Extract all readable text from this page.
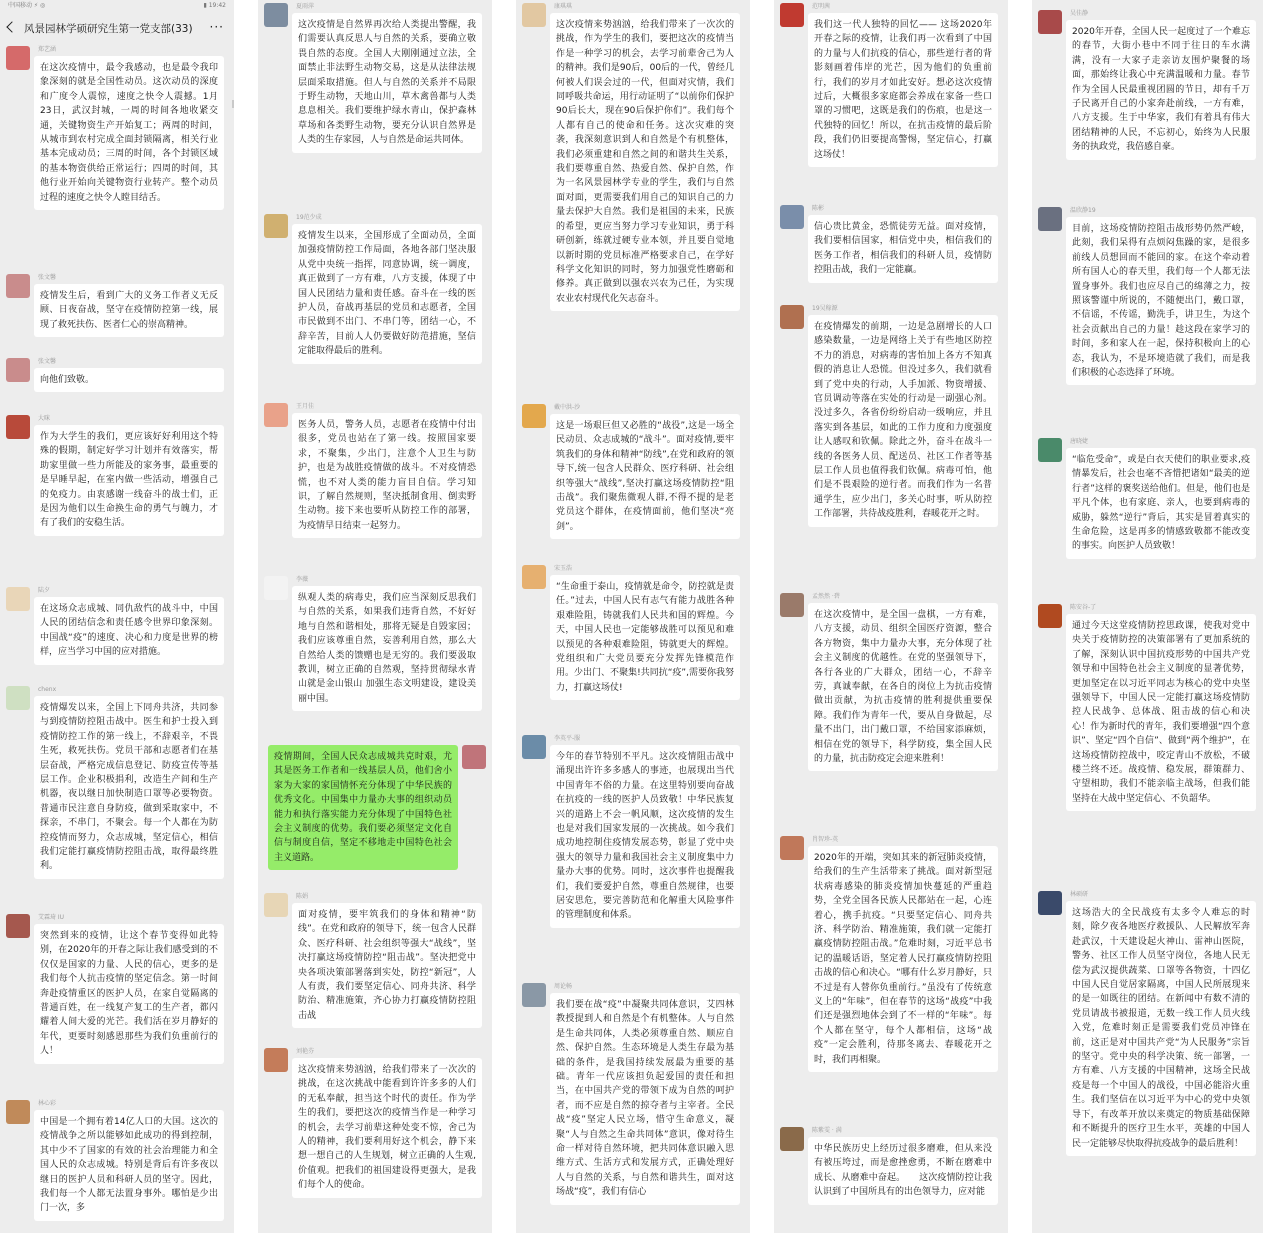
中国移动 ⚡ ◎	▮ 19:42
风景园林学硕研究生第一党支部(33) ···
郑艺涵
在这次疫情中，最令我感动，也是最令我印象深刻的就是全国性动员。这次动员的深度和广度令人震惊，速度之快令人震撼。1月23日，武汉封城，一周的时间各地收紧交通，关键物资生产开始复工；两周的时间，从城市到农村完成全面封锁隔离，相关行业基本完成动员；三周的时间，各个封锁区域的基本物资供给正常运行；四周的时间，其他行业开始向关键物资行业转产。整个动员过程的速度之快令人瞠目结舌。
张文馨
疫情发生后，看到广大的义务工作者义无反顾、日夜奋战，坚守在疫情防控第一线，展现了救死扶伤、医者仁心的崇高精神。
张文馨
向他们致敬。
大咪
作为大学生的我们，更应该好好利用这个特殊的假期，制定好学习计划并有效落实，帮助家里做一些力所能及的家务事，最重要的是早睡早起，在室内做一些活动，增强自己的免疫力。由衷感谢一线奋斗的战士们，正是因为他们以生命换生命的勇气与魄力，才有了我们的安稳生活。
陆夕
在这场众志成城、同仇敌忾的战斗中，中国人民的团结信念和责任感令世界印象深刻。中国战“疫”的速度、决心和力度是世界的榜样，应当学习中国的应对措施。
chenx
疫情爆发以来，全国上下同舟共济，共同参与到疫情防控阻击战中。医生和护士投入到疫情防控工作的第一线上，不辞艰辛，不畏生死，救死扶伤。党员干部和志愿者们在基层奋战，严格完成信息登记、防疫宣传等基层工作。企业积极捐利，改造生产间和生产机器，夜以继日加快制造口罩等必要物资。普通市民注意自身防疫，做到采取家中，不探亲，不串门，不聚会。每一个人都在为防控疫情而努力，众志成城，坚定信心，相信我们定能打赢疫情防控阻击战，取得最终胜利。
艾霖琦 IU
突然到来的疫情，让这个春节变得如此特别，在2020年的开春之际让我们感受到的不仅仅是国家的力量、人民的信心，更多的是我们每个人抗击疫情的坚定信念。第一时间奔赴疫情重区的医护人员，在家自觉隔离的普通百姓，在一线复产复工的生产者，都闪耀着人间大爱的光芒。我们活在岁月静好的年代，更要时刻感恩那些为我们负重前行的人！
林心彩
中国是一个拥有着14亿人口的大国。这次的疫情战争之所以能够如此成功的得到控制，其中少不了国家的有效的社会治理能力和全国人民的众志成城。特别是背后有许多夜以继日的医护人员和科研人员的坚守。因此，我们每一个人都无法置身事外。哪怕是少出门一次，多
夏雨萍
这次疫情是自然界再次给人类提出警醒，我们需要认真反思人与自然的关系，要确立敬畏自然的态度。全国人大刚刚通过立法，全面禁止非法野生动物交易，这是从法律法规层面采取措施。但人与自然的关系并不局限于野生动物，天地山川，草木禽兽都与人类息息相关。我们要维护绿水青山，保护森林草场和各类野生动物，要充分认识自然界是人类的生存家园，人与自然是命运共同体。
19范少成
疫情发生以来，全国形成了全面动员，全面加强疫情防控工作局面，各地各部门坚决服从党中央统一指挥，同意协调，统一调度，真正做到了一方有难，八方支援，体现了中国人民团结力量和责任感。奋斗在一线的医护人员，奋战再基层的党员和志愿者，全国市民做到不出门、不串门等，团结一心，不辞辛苦，目前人人仍要做好防范措施，坚信定能取得最后的胜利。
王月佳
医务人员，警务人员，志愿者在疫情中付出很多，党员也站在了第一线。按照国家要求，不聚集，少出门，注意个人卫生与防护，也是为战胜疫情做的战斗。不对疫情恐慌，也不对人类的能力盲目自信。学习知识，了解自然规则，坚决抵制食用、倒卖野生动物。接下来也要听从防控工作的部署，为疫情早日结束一起努力。
李薇
纵观人类的病毒史，我们应当深刻反思我们与自然的关系，如果我们违背自然，不好好地与自然和谐相处，那将无疑是自毁家园；我们应该尊重自然，妄善利用自然，那么大自然给人类的馈赠也是无穷的。我们要汲取教训，树立正确的自然观，坚持贯彻绿水青山就是金山银山 加强生态文明建设，建设美丽中国。
疫情期间，全国人民众志成城共克时艰，尤其是医务工作者和一线基层人员，他们舍小家为大家的家国情怀充分体现了中华民族的优秀文化。中国集中力量办大事的组织动员能力和执行落实能力充分体现了中国特色社会主义制度的优势。我们要必须坚定文化自信与制度自信，坚定不移地走中国特色社会主义道路。
陈娟
面对疫情，要牢筑我们的身体和精神“防线”。在党和政府的领导下，统一包含人民群众、医疗科研、社会组织等强大“战线”，坚决打赢这场疫情防控“阻击战”。坚决把党中央各项决策部署落到实处，防控“新冠”，人人有责，我们要坚定信心、同舟共济、科学防治、精准施策，齐心协力打赢疫情防控阻击战
刘艳芬
这次疫情来势汹汹，给我们带来了一次次的挑战，在这次挑战中能看到许许多多的人们的无私奉献，担当这个时代的责任。作为学生的我们，要把这次的疫情当作是一种学习的机会，去学习前辈这种处变不惊，舍己为人的精神，我们要利用好这个机会，静下来想一想自己的人生规划，树立正确的人生观,价值观。把我们的祖国建设得更强大，是我们每个人的使命。
康琪琪
这次疫情来势汹汹，给我们带来了一次次的挑战，作为学生的我们，要把这次的疫情当作是一种学习的机会，去学习前辈舍己为人的精神。我们是90后，00后的一代，曾经几何被人们误会过的一代，但面对灾情，我们同呼吸共命运，用行动证明了“以前你们保护90后长大，现在90后保护你们”。我们每个人都有自己的使命和任务。这次灾难的突袭，我深刻意识到人和自然是个有机整体，我们必须重建和自然之间的和谐共生关系，我们要尊重自然、热爱自然、保护自然，作为一名风景园林学专业的学生，我们与自然面对面，更需要我们用自己的知识自己的力量去保护大自然。我们是祖国的未来，民族的希望，更应当努力学习专业知识，勇于科研创新，练就过硬专业本领，并且要自觉地以新时期的党员标准严格要求自己，在学好科学文化知识的同时，努力加强党性磨砺和修养。真正做到以强农兴农为己任，为实现农业农村现代化矢志奋斗。
戴中洪-沙
这是一场艰巨但又必胜的“战役”,这是一场全民动员、众志成城的“战斗”。面对疫情,要牢筑我们的身体和精神“防线”,在党和政府的领导下,统一包含人民群众、医疗科研、社会组织等强大“战线”,坚决打赢这场疫情防控“阻击战”。我们聚焦微观人群,不得不提的是老党员这个群体，在疫情面前，他们坚决“亮剑”。
宋玉浩
“生命重于泰山，疫情就是命令，防控就是责任。”过去，中国人民有志气有能力战胜各种艰难险阻，铸就我们人民共和国的辉煌。今天，中国人民也一定能够战胜可以预见和难以预见的各种艰难险阻，铸就更大的辉煌。党组织和广大党员要充分发挥先锋模范作用。少出门、不聚集!共同抗“疫”,需要你我努力，打赢这场仗!
李英平-服
今年的春节特别不平凡。这次疫情阻击战中涌现出许许多多感人的事迹，也展现出当代中国青年不俗的力量。在这里特别要向奋战在抗疫的一线的医护人员致敬！中华民族复兴的道路上不会一帆风顺，这次疫情的发生也是对我们国家发展的一次挑战。如今我们成功地控制住疫情发展态势，彰显了党中央强大的领导力量和我国社会主义制度集中力量办大事的优势。同时，这次事件也提醒我们，我们要爱护自然，尊重自然规律，也要居安思危，要完善防范和化解重大风险事件的管理制度和体系。
周论畅
我们要在战“疫”中凝聚共同体意识，艾四林教授提到人和自然是个有机整体。人与自然是生命共同体，人类必须尊重自然、顺应自然、保护自然。生态环境是人类生存最为基础的条件，是我国持续发展最为重要的基础。青年一代应该担负起爱国的责任和担当，在中国共产党的带领下成为自然的呵护者，而不应是自然的掠夺者与主宰者。全民战“疫”坚定人民立场，惜守生命意义，凝聚“人与自然之生命共同体”意识，像对待生命一样对待自然环境，把共同体意识融入思维方式、生活方式和发展方式，正确处理好人与自然的关系，与自然和谐共生，面对这场战“疫”，我们有信心
范明茜
我们这一代人独特的回忆—— 这场2020年开春之际的疫情，让我们再一次看到了中国的力量与人们抗疫的信心，那些逆行者的背影刻画着伟岸的光芒，因为他们的负重前行，我们的岁月才如此安好。想必这次疫情过后，大概很多家庭都会养成在家备一些口罩的习惯吧，这既是我们的伤痕，也是这一代独特的回忆！所以，在抗击疫情的最后阶段，我们仍旧要提高警惕，坚定信心，打赢这场仗！
陈彬
信心贵比黄金，恐慌徒劳无益。面对疫情，我们要相信国家，相信党中央，相信我们的医务工作者，相信我们的科研人员，疫情防控阻击战，我们一定能赢。
19吴稼源
在疫情爆发的前期，一边是急剧增长的人口感染数量，一边是网络上关于有些地区防控不力的消息，对病毒的害怕加上各方不知真假的消息让人恐慌。但没过多久，我们就看到了党中央的行动，人手加派、物资增援、官员调动等落在实处的行动是一副强心剂。没过多久，各省份纷纷启动一级响应，并且落实到各基层，如此的工作力度和力度强度让人感叹和钦佩。除此之外，奋斗在战斗一线的各医务人员、配送员、社区工作者等基层工作人员也值得我们钦佩。病毒可怕，他们是不畏艰险的逆行者。而我们作为一名普通学生，应少出门，多关心时事，听从防控工作部署，共待战疫胜利，春暖花开之时。
孟然然 ·碧
在这次疫情中，是全国一盘棋，一方有难，八方支援，动员、组织全国医疗资源，整合各方物资，集中力量办大事，充分体现了社会主义制度的优越性。在党的坚强领导下，各行各业的广大群众，团结一心，不辞辛劳，真诚奉献，在各自的岗位上为抗击疫情做出贡献，为抗击疫情的胜利提供重要保障。我们作为青年一代，要从自身做起，尽量不出门，出门戴口罩，不给国家添麻烦，相信在党的领导下，科学防疫，集全国人民的力量，抗击防疫定会迎来胜利！
肖智珍-英
2020年的开端，突如其来的新冠肺炎疫情，给我们的生产生活带来了挑战。面对新型冠状病毒感染的肺炎疫情加快蔓延的严重趋势，全党全国各民族人民都站在一起，心连着心，携手抗疫。“只要坚定信心、同舟共济、科学防治、精准施策，我们就一定能打赢疫情防控阻击战。”危难时刻，习近平总书记的温暖话语，坚定着人民打赢疫情防控阻击战的信心和决心。“哪有什么岁月静好，只不过是有人替你负重前行。”虽没有了传统意义上的“年味”，但在春节的这场“战疫”中我们还是强烈地体会到了不一样的“年味”。每个人都在坚守，每个人都相信，这场“战疫”一定会胜利，待那冬离去、春暖花开之时，我们再相聚。
陈紫雯 · 满
中华民族历史上经历过很多磨难，但从来没有被压垮过，而是愈挫愈勇，不断在磨难中成长、从磨难中奋起。　　这次疫情防控让我认识到了中国所具有的出色领导力，应对能
吴佳静
2020年开春，全国人民一起度过了一个难忘的春节，大街小巷中不同于往日的车水满满，没有一大家子走亲访友围炉聚餐的场面，那始终让我心中充满温暖和力量。春节作为全国人民最重视团圆的节日，却有千万子民离开自己的小家奔赴前线，一方有难，八方支援。生于中华家，我们有着具有伟大团结精神的人民，不忘初心，始终为人民服务的执政党，我倍感自豪。
温欣静19
目前，这场疫情防控阻击战形势仍然严峻，此刻，我们呆得有点烦闷焦躁的家，是很多前线人员想回而不能回的家。在这个牵动着所有国人心的春天里，我们每一个人都无法置身事外。我们也应尽自己的绵薄之力，按照该警谨中所说的，不随便出门，戴口罩，不信谣，不传谣，勤洗手，讲卫生，为这个社会贡献出自己的力量！趁这段在家学习的时间，多和家人在一起，保持积极向上的心态，我认为，不是环境造就了我们，而是我们积极的心态选择了环境。
唐晓婕
“临危受命”，或是白衣天使们的职业要求,疫情暴发后，社会也毫不吝惜把诸如“最美的逆行者”这样的褒奖送给他们。但是，他们也是平凡个体，也有家庭、亲人，也要到病毒的威胁，躲然“逆行”背后，其实是冒着真实的生命危险，这是再多的情感致敬都不能改变的事实。向医护人员致敬！
陈安谷-了
通过今天这堂疫情防控思政课，使我对党中央关于疫情防控的决策部署有了更加系统的了解，深刻认识中国抗疫形势的中国共产党领导和中国特色社会主义制度的显著优势，更加坚定在以习近平同志为核心的党中央坚强领导下，中国人民一定能打赢这场疫情防控人民战争、总体战、阻击战的信心和决心！作为新时代的青年，我们要增强“四个意识”、坚定“四个自信”、做到“两个维护”，在这场疫情防控战中，咬定青山不放松，不破楼兰终不还。战疫情、稳发展，群策群力、守望相助，我们不能亲临主战场，但我们能坚持在大战中坚定信心、不负韶华。
林硕研
这场浩大的全民战疫有太多令人难忘的时刻，除夕夜各地医疗救援队、人民解放军奔赴武汉，十天建设起火神山、雷神山医院，警务、社区工作人员坚守岗位，各地人民无偿为武汉提供蔬菜、口罩等各物资，十四亿中国人民自觉居家隔离，中国人民所展现来的是一如既往的团结。在新闻中有数不清的党员请战书被报道，无数一线工作人员火线入党，危难时刻正是需要我们党员冲锋在前，这正是对中国共产党“为人民服务”宗旨的坚守。党中央的科学决策、统一部署，一方有难、八方支援的中国精神，这场全民战疫是每一个中国人的战役，中国必能浴火重生。我们坚信在以习近平为中心的党中央领导下，有改革开放以来奠定的物质基础保障和不断提升的医疗卫生水平，英雄的中国人民一定能够尽快取得抗疫战争的最后胜利！
